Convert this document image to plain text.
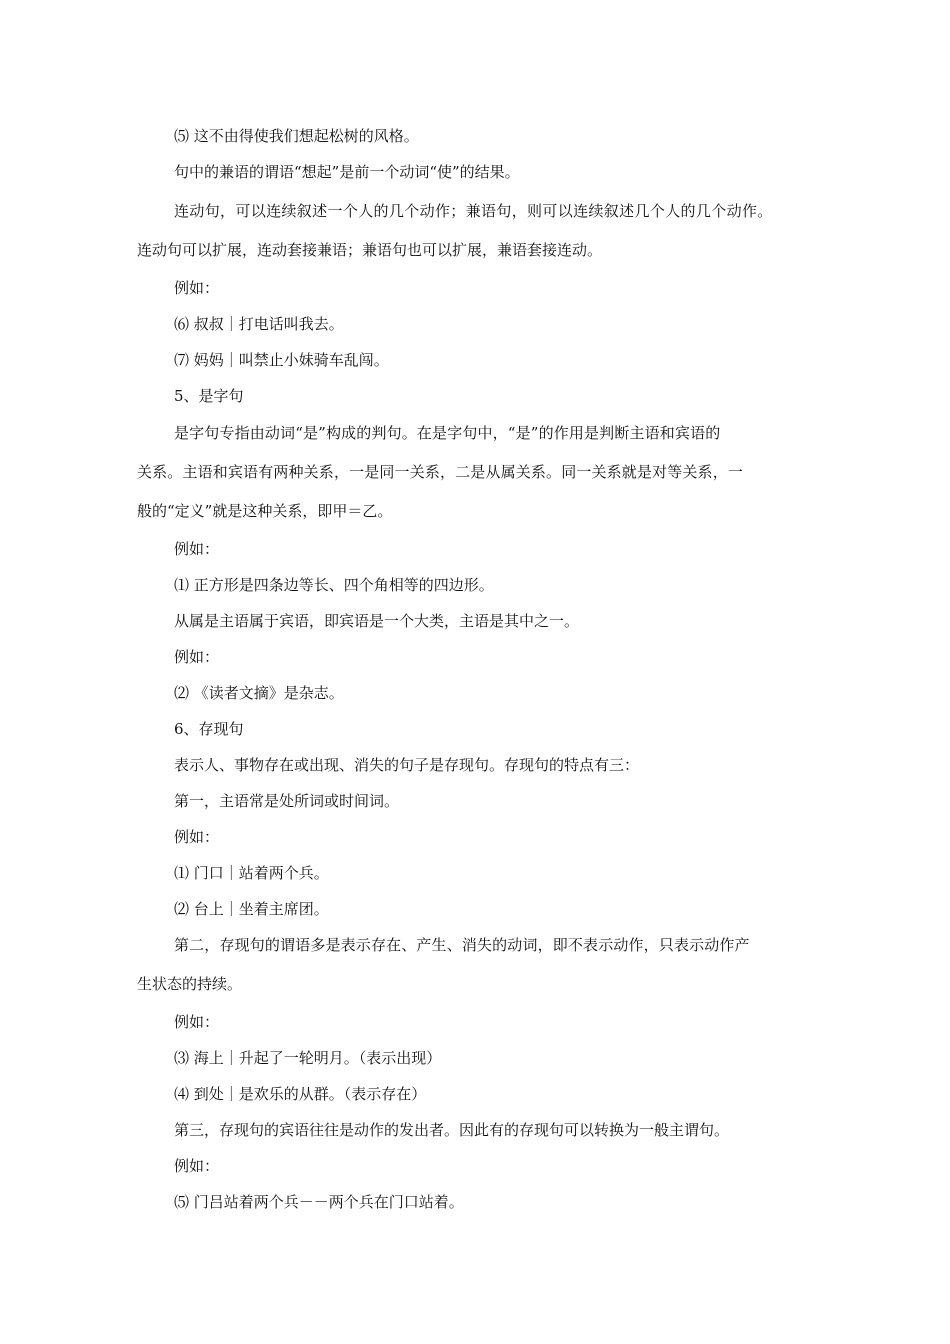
⑸ 这不由得使我们想起松树的风格。
句中的兼语的谓语“想起”是前一个动词“使”的结果。
连动句，可以连续叙述一个人的几个动作；兼语句，则可以连续叙述几个人的几个动作。
连动句可以扩展，连动套接兼语；兼语句也可以扩展，兼语套接连动。
例如：
⑹ 叔叔｜打电话叫我去。
⑺ 妈妈｜叫禁止小妹骑车乱闯。
5、是字句
是字句专指由动词“是”构成的判句。在是字句中，“是”的作用是判断主语和宾语的
关系。主语和宾语有两种关系，一是同一关系，二是从属关系。同一关系就是对等关系，一
般的“定义”就是这种关系，即甲＝乙。
例如：
⑴ 正方形是四条边等长、四个角相等的四边形。
从属是主语属于宾语，即宾语是一个大类，主语是其中之一。
例如：
⑵ 《读者文摘》是杂志。
6、存现句
表示人、事物存在或出现、消失的句子是存现句。存现句的特点有三：
第一，主语常是处所词或时间词。
例如：
⑴ 门口｜站着两个兵。
⑵ 台上｜坐着主席团。
第二，存现句的谓语多是表示存在、产生、消失的动词，即不表示动作，只表示动作产
生状态的持续。
例如：
⑶ 海上｜升起了一轮明月。（表示出现）
⑷ 到处｜是欢乐的从群。（表示存在）
第三，存现句的宾语往往是动作的发出者。因此有的存现句可以转换为一般主谓句。
例如：
⑸ 门吕站着两个兵－－两个兵在门口站着。
